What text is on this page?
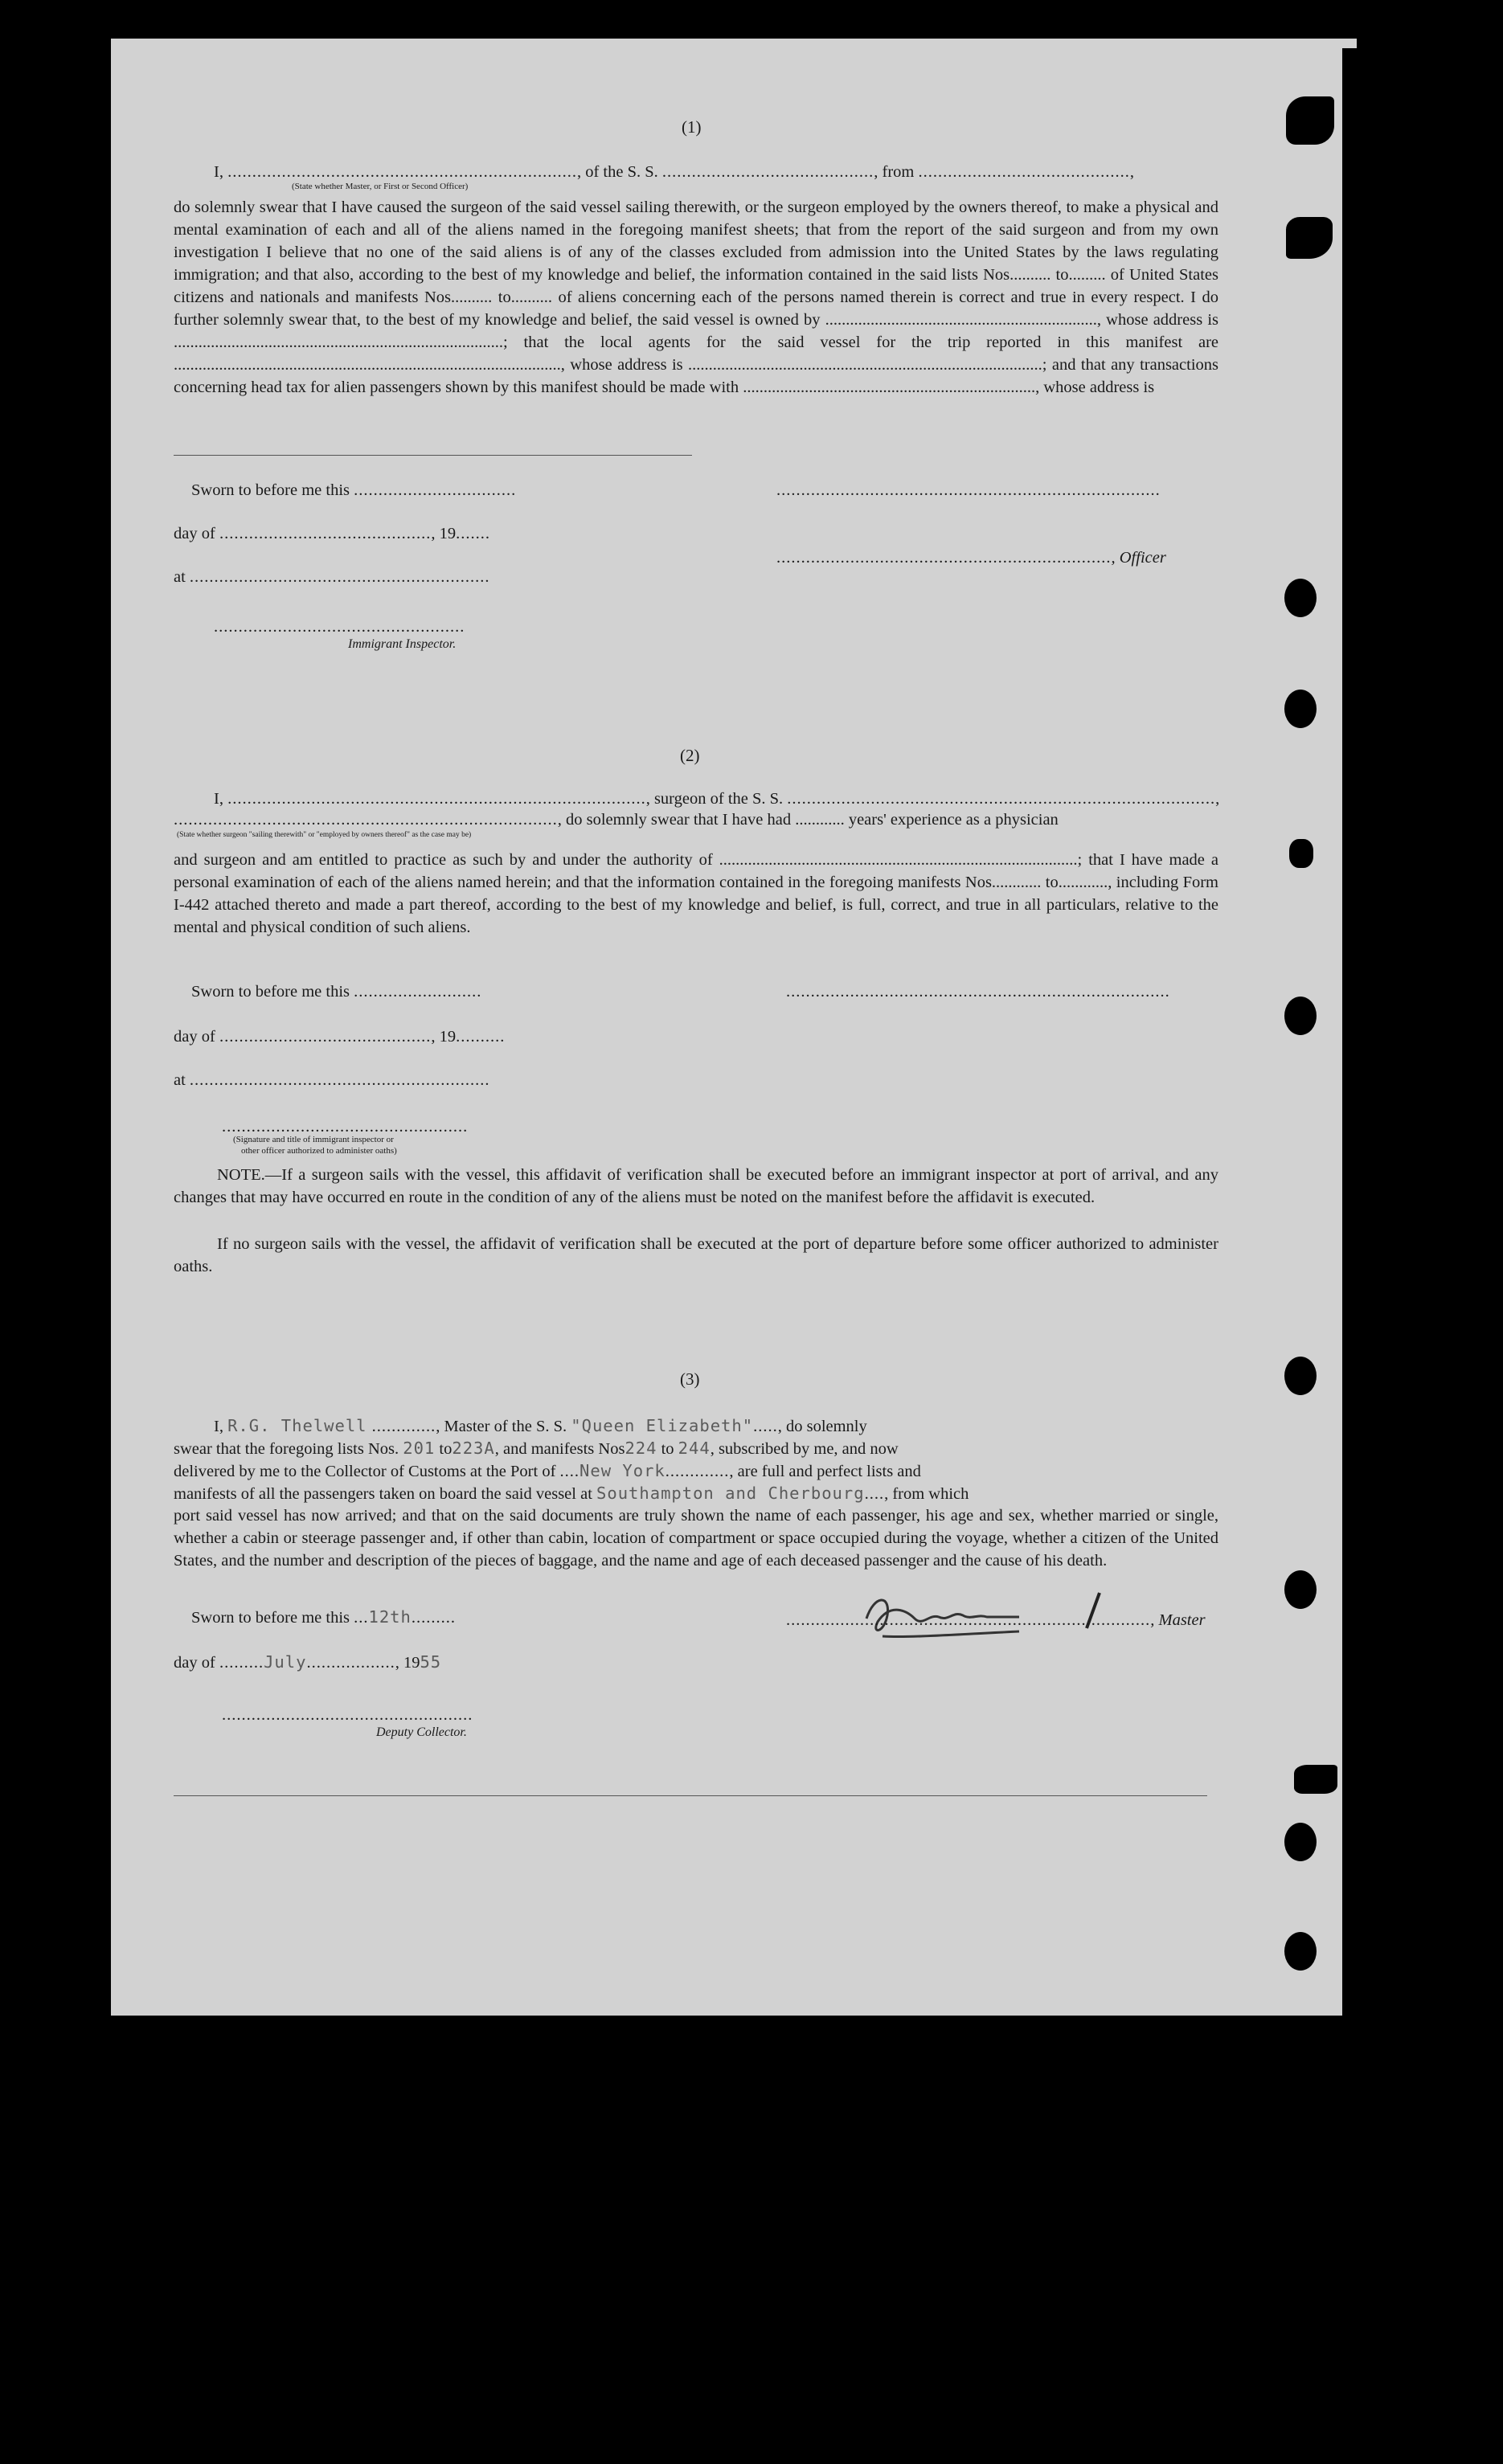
(1)
I, ......................................................................., of the S. S. ..........................................., from ...........................................,
(State whether Master, or First or Second Officer)
do solemnly swear that I have caused the surgeon of the said vessel sailing therewith, or the surgeon employed by the owners thereof, to make a physical and mental examination of each and all of the aliens named in the foregoing manifest sheets; that from the report of the said surgeon and from my own investigation I believe that no one of the said aliens is of any of the classes excluded from admission into the United States by the laws regulating immigration; and that also, according to the best of my knowledge and belief, the information contained in the said lists Nos.......... to......... of United States citizens and nationals and manifests Nos.......... to.......... of aliens concerning each of the persons named therein is correct and true in every respect. I do further solemnly swear that, to the best of my knowledge and belief, the said vessel is owned by .................................................................., whose address is ................................................................................; that the local agents for the said vessel for the trip reported in this manifest are .............................................................................................., whose address is ......................................................................................; and that any transactions concerning head tax for alien passengers shown by this manifest should be made with ......................................................................., whose address is
Sworn to before me this .................................	..............................................................................
day of ..........................................., 19.......
...................................................................., Officer
at .............................................................
...................................................
Immigrant Inspector.
(2)
I, ....................................................................................., surgeon of the S. S. .......................................................................................,
.............................................................................., do solemnly swear that I have had ............ years' experience as a physician
(State whether surgeon "sailing therewith" or "employed by owners thereof" as the case may be)
and surgeon and am entitled to practice as such by and under the authority of .......................................................................................; that I have made a personal examination of each of the aliens named herein; and that the information contained in the foregoing manifests Nos............ to............, including Form I-442 attached thereto and made a part thereof, according to the best of my knowledge and belief, is full, correct, and true in all particulars, relative to the mental and physical condition of such aliens.
Sworn to before me this ..........................	..............................................................................
day of ..........................................., 19..........
at .............................................................
..................................................
(Signature and title of immigrant inspector or
other officer authorized to administer oaths)
NOTE.—If a surgeon sails with the vessel, this affidavit of verification shall be executed before an immigrant inspector at port of arrival, and any changes that may have occurred en route in the condition of any of the aliens must be noted on the manifest before the affidavit is executed.
If no surgeon sails with the vessel, the affidavit of verification shall be executed at the port of departure before some officer authorized to administer oaths.
(3)
I, R.G. Thelwell ............., Master of the S. S. "Queen Elizabeth"....., do solemnly
swear that the foregoing lists Nos. 201 to223A, and manifests Nos224 to 244, subscribed by me, and now
delivered by me to the Collector of Customs at the Port of ....New York............., are full and perfect lists and
manifests of all the passengers taken on board the said vessel at Southampton and Cherbourg...., from which
port said vessel has now arrived; and that on the said documents are truly shown the name of each passenger, his age and sex, whether married or single, whether a cabin or steerage passenger and, if other than cabin, location of compartment or space occupied during the voyage, whether a citizen of the United States, and the number and description of the pieces of baggage, and the name and age of each deceased passenger and the cause of his death.
Sworn to before me this ...12th.........
day of .........July.................., 1955
.........................................................................., Master
...................................................
Deputy Collector.
